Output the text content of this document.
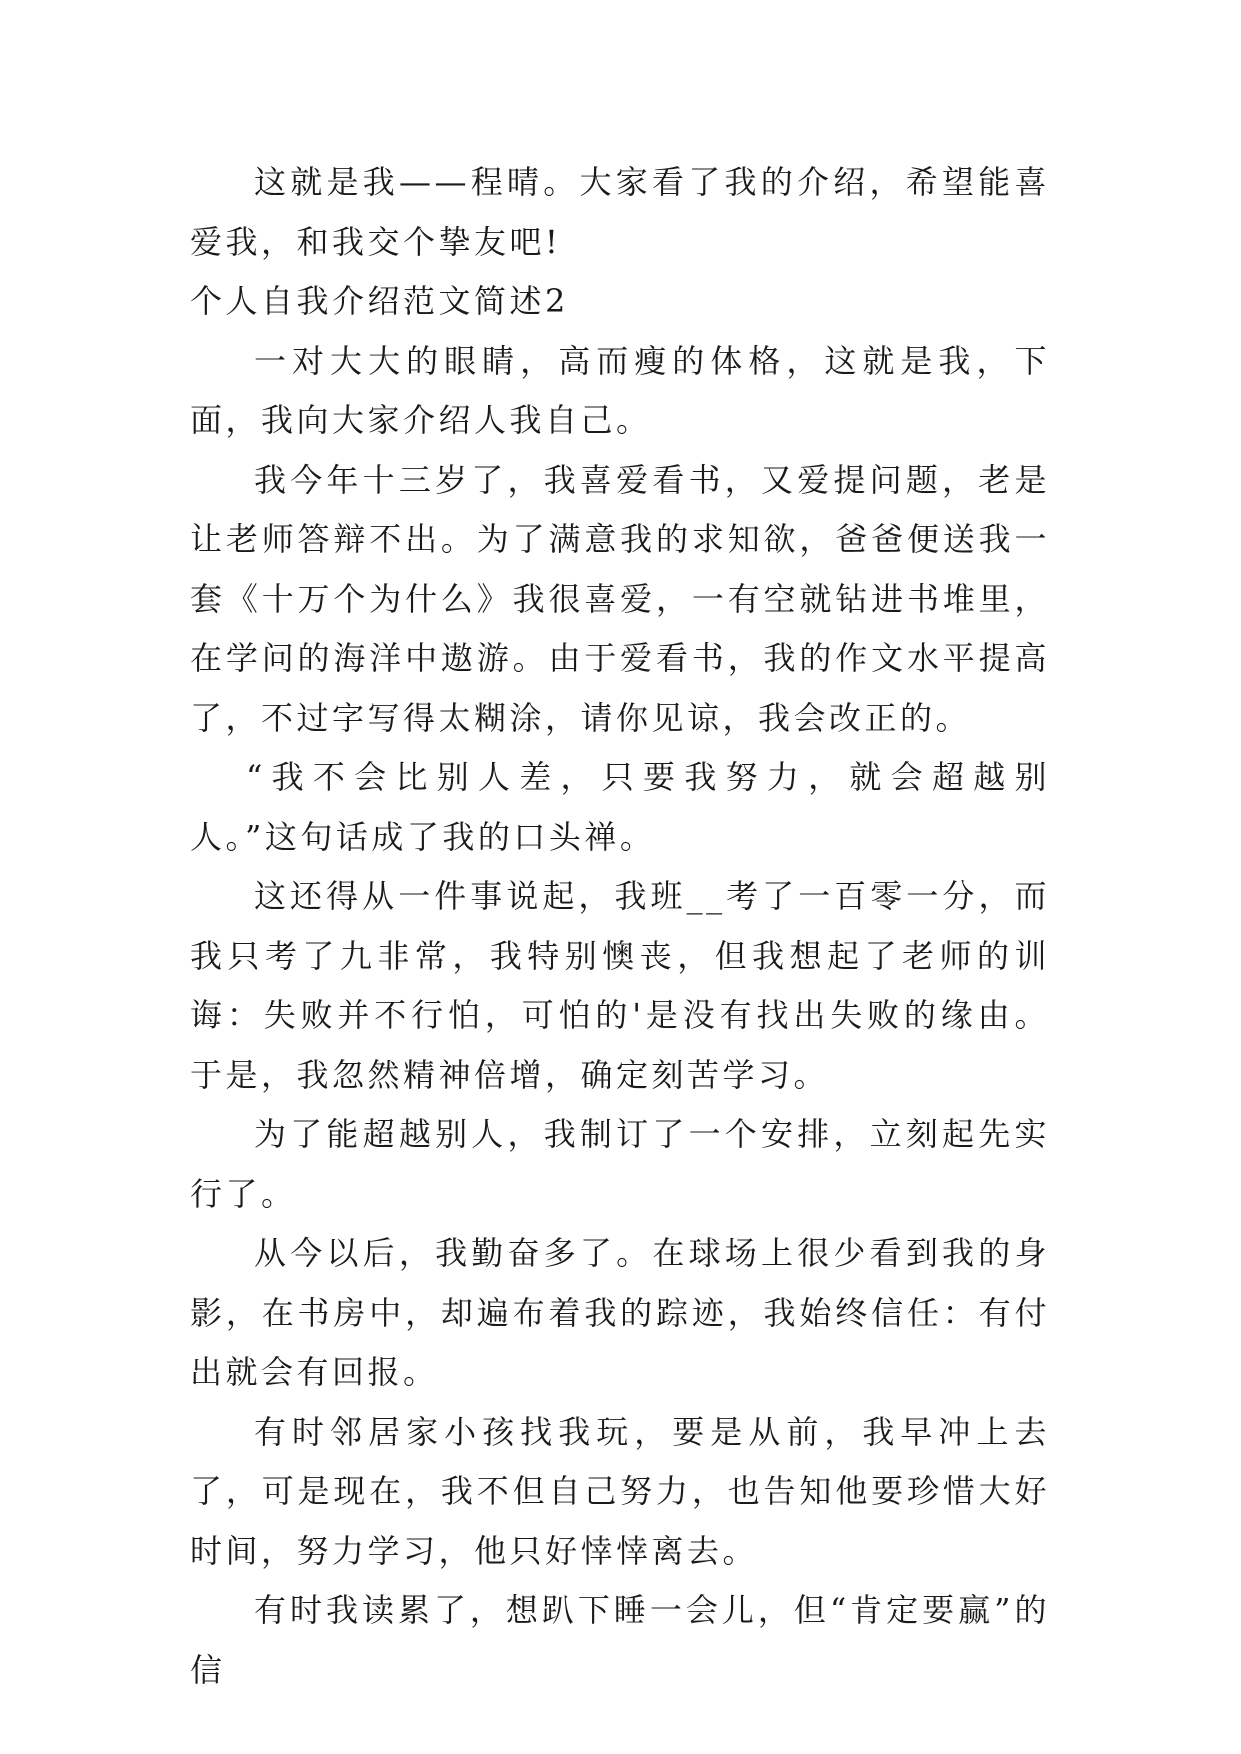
这就是我——程晴。大家看了我的介绍，希望能喜爱我，和我交个挚友吧!

个人自我介绍范文简述2

一对大大的眼睛，高而瘦的体格，这就是我，下面，我向大家介绍人我自己。

我今年十三岁了，我喜爱看书，又爱提问题，老是让老师答辩不出。为了满意我的求知欲，爸爸便送我一套《十万个为什么》我很喜爱，一有空就钻进书堆里，在学问的海洋中遨游。由于爱看书，我的作文水平提高了，不过字写得太糊涂，请你见谅，我会改正的。

“我不会比别人差，只要我努力，就会超越别人。”这句话成了我的口头禅。

这还得从一件事说起，我班__考了一百零一分，而我只考了九非常，我特别懊丧，但我想起了老师的训诲：失败并不行怕，可怕的'是没有找出失败的缘由。于是，我忽然精神倍增，确定刻苦学习。

为了能超越别人，我制订了一个安排，立刻起先实行了。

从今以后，我勤奋多了。在球场上很少看到我的身影，在书房中，却遍布着我的踪迹，我始终信任：有付出就会有回报。

有时邻居家小孩找我玩，要是从前，我早冲上去了，可是现在，我不但自己努力，也告知他要珍惜大好时间，努力学习，他只好悻悻离去。

有时我读累了，想趴下睡一会儿，但“肯定要赢”的信
